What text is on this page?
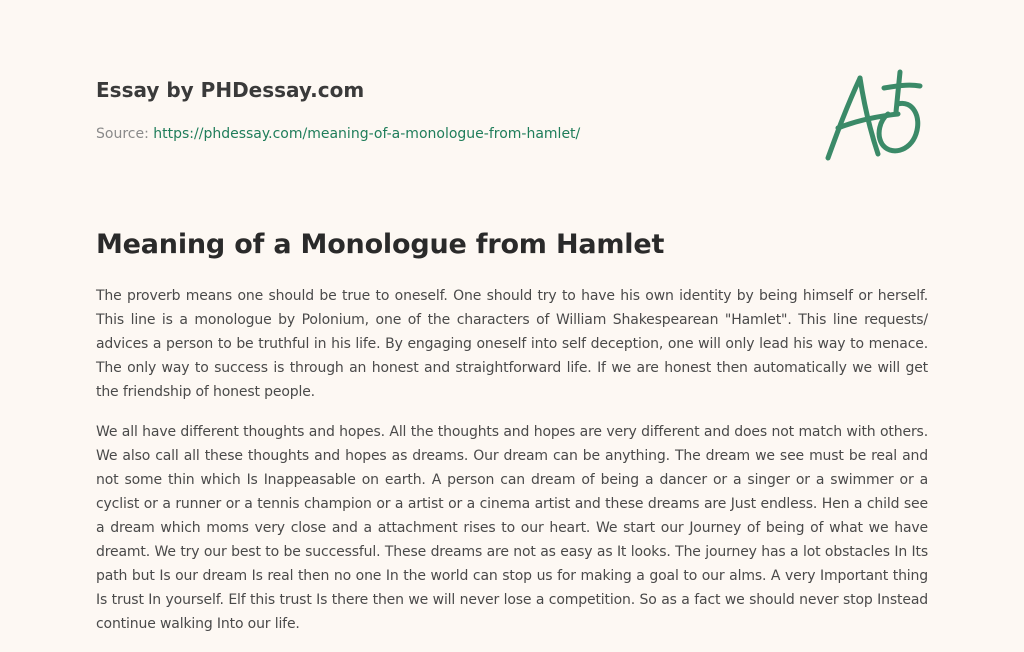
Essay by PHDessay.com
Source: https://phdessay.com/meaning-of-a-monologue-from-hamlet/
Meaning of a Monologue from Hamlet

The proverb means one should be true to oneself. One should try to have his own identity by being himself or herself. This line is a monologue by Polonium, one of the characters of William Shakespearean "Hamlet". This line requests/ advices a person to be truthful in his life. By engaging oneself into self deception, one will only lead his way to menace. The only way to success is through an honest and straightforward life. If we are honest then automatically we will get the friendship of honest people.

We all have different thoughts and hopes. All the thoughts and hopes are very different and does not match with others. We also call all these thoughts and hopes as dreams. Our dream can be anything. The dream we see must be real and not some thin which Is Inappeasable on earth. A person can dream of being a dancer or a singer or a swimmer or a cyclist or a runner or a tennis champion or a artist or a cinema artist and these dreams are Just endless. Hen a child see a dream which moms very close and a attachment rises to our heart. We start our Journey of being of what we have dreamt. We try our best to be successful. These dreams are not as easy as It looks. The journey has a lot obstacles In Its path but Is our dream Is real then no one In the world can stop us for making a goal to our alms. A very Important thing Is trust In yourself. Elf this trust Is there then we will never lose a competition. So as a fact we should never stop Instead continue walking Into our life.
